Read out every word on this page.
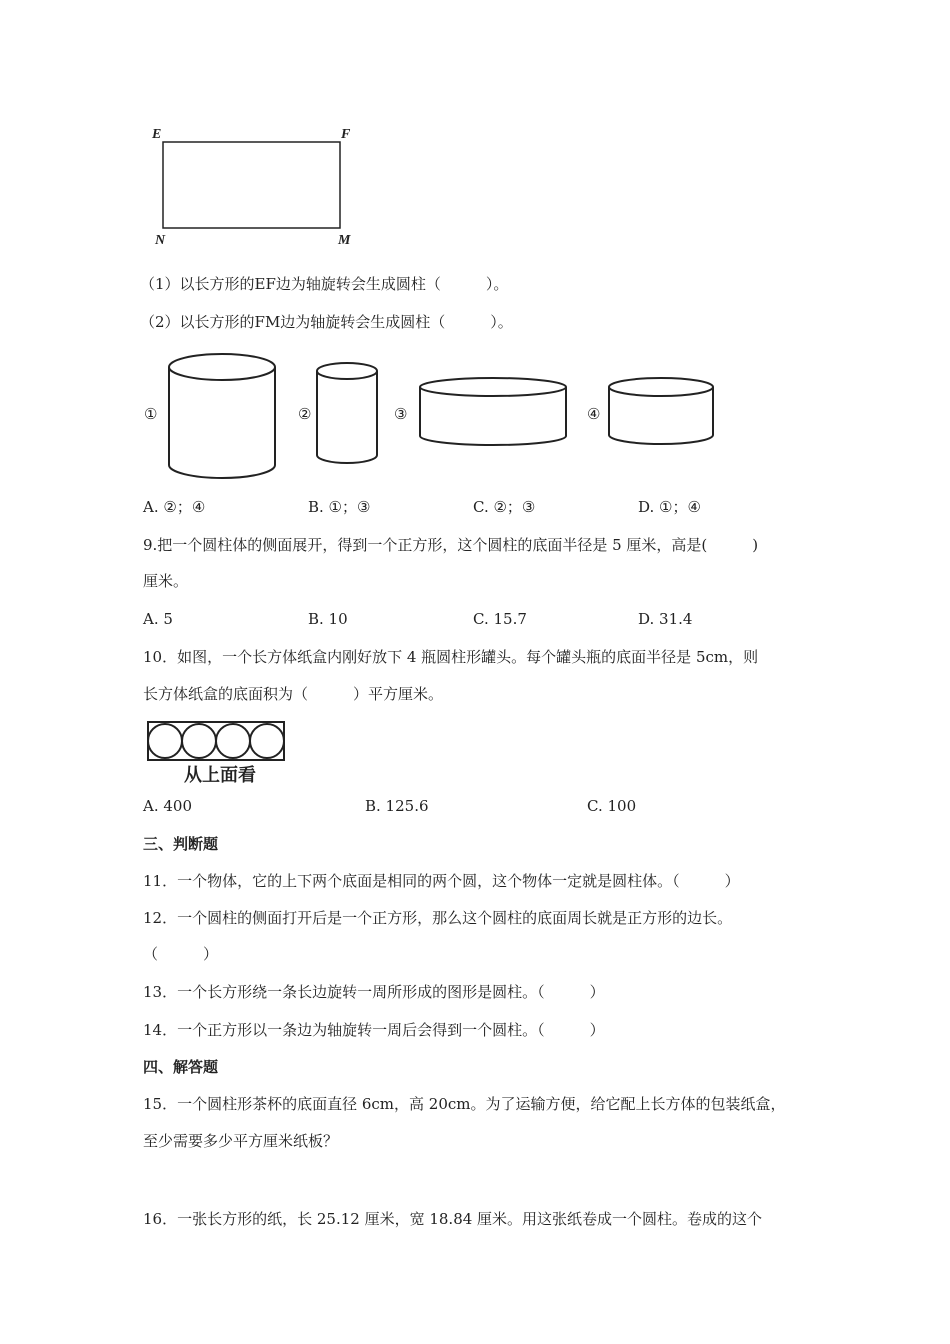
E	F
N	M
（1）以长方形的EF边为轴旋转会生成圆柱（　　　）。
（2）以长方形的FM边为轴旋转会生成圆柱（　　　）。
①	②	③	④
A. ②；④	B. ①；③	C. ②；③	D. ①；④
9.把一个圆柱体的侧面展开，得到一个正方形，这个圆柱的底面半径是 5 厘米，高是(　　　)
厘米。
A. 5	B. 10	C. 15.7	D. 31.4
10．如图，一个长方体纸盒内刚好放下 4 瓶圆柱形罐头。每个罐头瓶的底面半径是 5cm，则
长方体纸盒的底面积为（　　　）平方厘米。
从上面看
A. 400	B. 125.6	C. 100
三、判断题
11．一个物体，它的上下两个底面是相同的两个圆，这个物体一定就是圆柱体。（　　　）
12．一个圆柱的侧面打开后是一个正方形，那么这个圆柱的底面周长就是正方形的边长。
（　　　）
13．一个长方形绕一条长边旋转一周所形成的图形是圆柱。（　　　）
14．一个正方形以一条边为轴旋转一周后会得到一个圆柱。（　　　）
四、解答题
15．一个圆柱形茶杯的底面直径 6cm，高 20cm。为了运输方便，给它配上长方体的包装纸盒，
至少需要多少平方厘米纸板？
16．一张长方形的纸，长 25.12 厘米，宽 18.84 厘米。用这张纸卷成一个圆柱。卷成的这个
